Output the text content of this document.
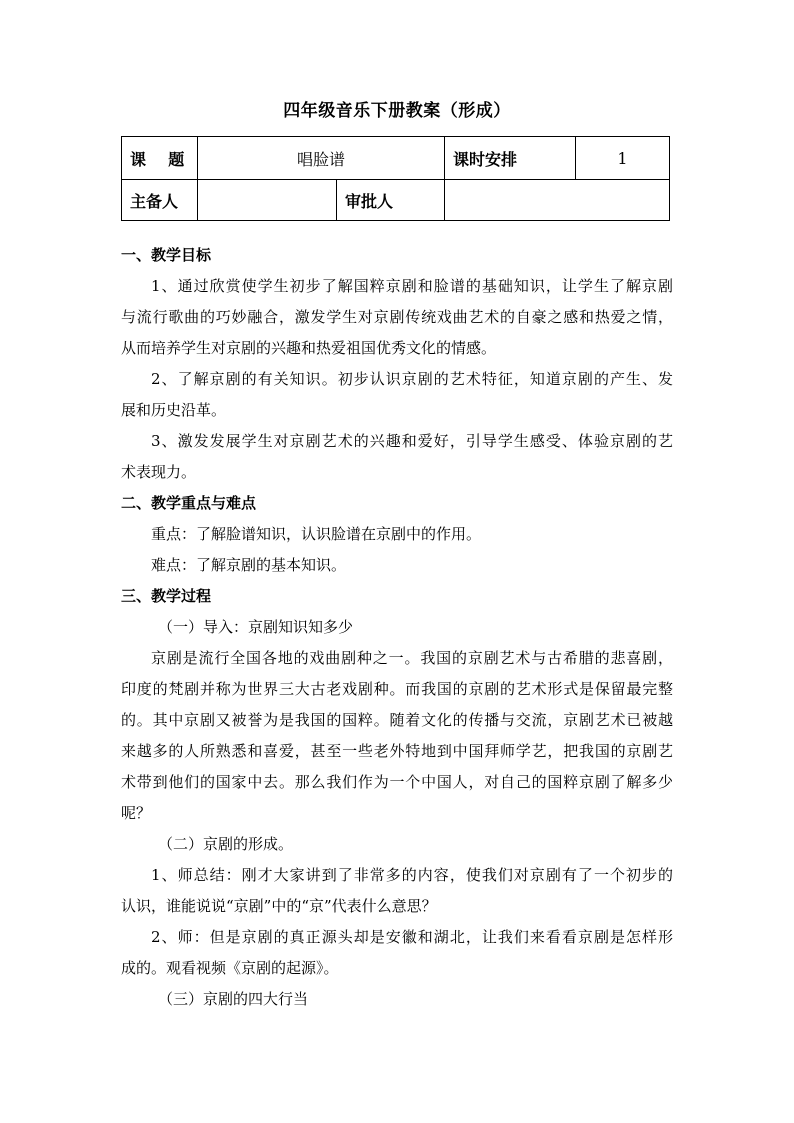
四年级音乐下册教案（形成）
课    题	唱脸谱		课时安排	1
主备人		审批人		
一、教学目标
1、通过欣赏使学生初步了解国粹京剧和脸谱的基础知识，让学生了解京剧
与流行歌曲的巧妙融合，激发学生对京剧传统戏曲艺术的自豪之感和热爱之情，
从而培养学生对京剧的兴趣和热爱祖国优秀文化的情感。
2、了解京剧的有关知识。初步认识京剧的艺术特征，知道京剧的产生、发
展和历史沿革。
3、激发发展学生对京剧艺术的兴趣和爱好，引导学生感受、体验京剧的艺
术表现力。
二、教学重点与难点
重点：了解脸谱知识，认识脸谱在京剧中的作用。
难点：了解京剧的基本知识。
三、教学过程
（一）导入：京剧知识知多少
京剧是流行全国各地的戏曲剧种之一。我国的京剧艺术与古希腊的悲喜剧，
印度的梵剧并称为世界三大古老戏剧种。而我国的京剧的艺术形式是保留最完整
的。其中京剧又被誉为是我国的国粹。随着文化的传播与交流，京剧艺术已被越
来越多的人所熟悉和喜爱，甚至一些老外特地到中国拜师学艺，把我国的京剧艺
术带到他们的国家中去。那么我们作为一个中国人，对自己的国粹京剧了解多少
呢？
（二）京剧的形成。
1、师总结：刚才大家讲到了非常多的内容，使我们对京剧有了一个初步的
认识，谁能说说“京剧”中的“京”代表什么意思？
2、师：但是京剧的真正源头却是安徽和湖北，让我们来看看京剧是怎样形
成的。观看视频《京剧的起源》。
（三）京剧的四大行当
